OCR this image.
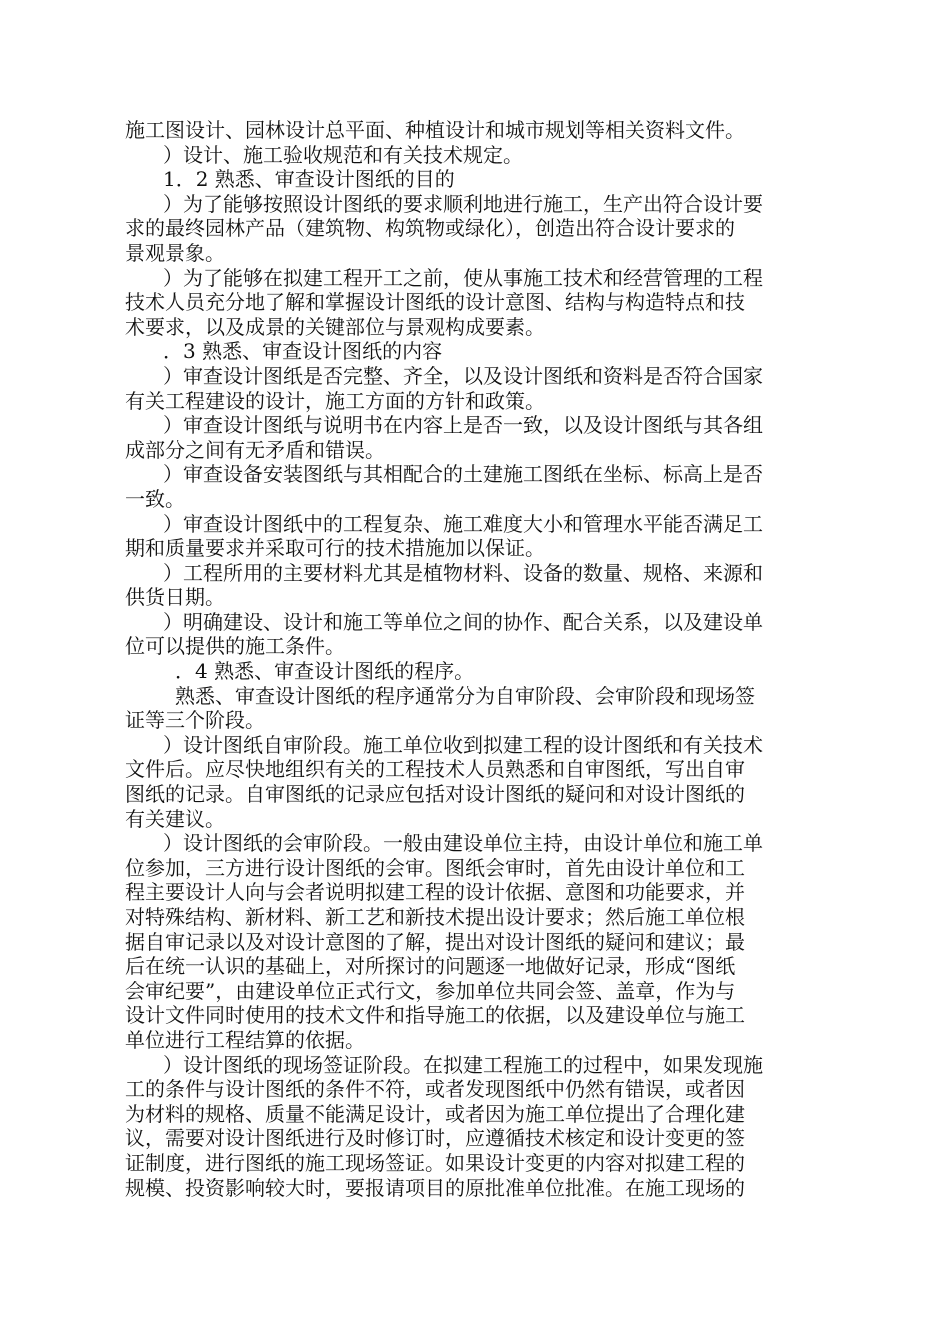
施工图设计、园林设计总平面、种植设计和城市规划等相关资料文件。
）设计、施工验收规范和有关技术规定。
1．2 熟悉、审查设计图纸的目的
）为了能够按照设计图纸的要求顺利地进行施工，生产出符合设计要
求的最终园林产品（建筑物、构筑物或绿化），创造出符合设计要求的
景观景象。
）为了能够在拟建工程开工之前，使从事施工技术和经营管理的工程
技术人员充分地了解和掌握设计图纸的设计意图、结构与构造特点和技
术要求，以及成景的关键部位与景观构成要素。
．3 熟悉、审查设计图纸的内容
）审查设计图纸是否完整、齐全，以及设计图纸和资料是否符合国家
有关工程建设的设计，施工方面的方针和政策。
）审查设计图纸与说明书在内容上是否一致，以及设计图纸与其各组
成部分之间有无矛盾和错误。
）审查设备安装图纸与其相配合的土建施工图纸在坐标、标高上是否
一致。
）审查设计图纸中的工程复杂、施工难度大小和管理水平能否满足工
期和质量要求并采取可行的技术措施加以保证。
）工程所用的主要材料尤其是植物材料、设备的数量、规格、来源和
供货日期。
）明确建设、设计和施工等单位之间的协作、配合关系，以及建设单
位可以提供的施工条件。
．4 熟悉、审查设计图纸的程序。
熟悉、审查设计图纸的程序通常分为自审阶段、会审阶段和现场签
证等三个阶段。
）设计图纸自审阶段。施工单位收到拟建工程的设计图纸和有关技术
文件后。应尽快地组织有关的工程技术人员熟悉和自审图纸，写出自审
图纸的记录。自审图纸的记录应包括对设计图纸的疑问和对设计图纸的
有关建议。
）设计图纸的会审阶段。一般由建设单位主持，由设计单位和施工单
位参加，三方进行设计图纸的会审。图纸会审时，首先由设计单位和工
程主要设计人向与会者说明拟建工程的设计依据、意图和功能要求，并
对特殊结构、新材料、新工艺和新技术提出设计要求；然后施工单位根
据自审记录以及对设计意图的了解，提出对设计图纸的疑问和建议；最
后在统一认识的基础上，对所探讨的问题逐一地做好记录，形成“图纸
会审纪要”，由建设单位正式行文，参加单位共同会签、盖章，作为与
设计文件同时使用的技术文件和指导施工的依据，以及建设单位与施工
单位进行工程结算的依据。
）设计图纸的现场签证阶段。在拟建工程施工的过程中，如果发现施
工的条件与设计图纸的条件不符，或者发现图纸中仍然有错误，或者因
为材料的规格、质量不能满足设计，或者因为施工单位提出了合理化建
议，需要对设计图纸进行及时修订时，应遵循技术核定和设计变更的签
证制度，进行图纸的施工现场签证。如果设计变更的内容对拟建工程的
规模、投资影响较大时，要报请项目的原批准单位批准。在施工现场的
